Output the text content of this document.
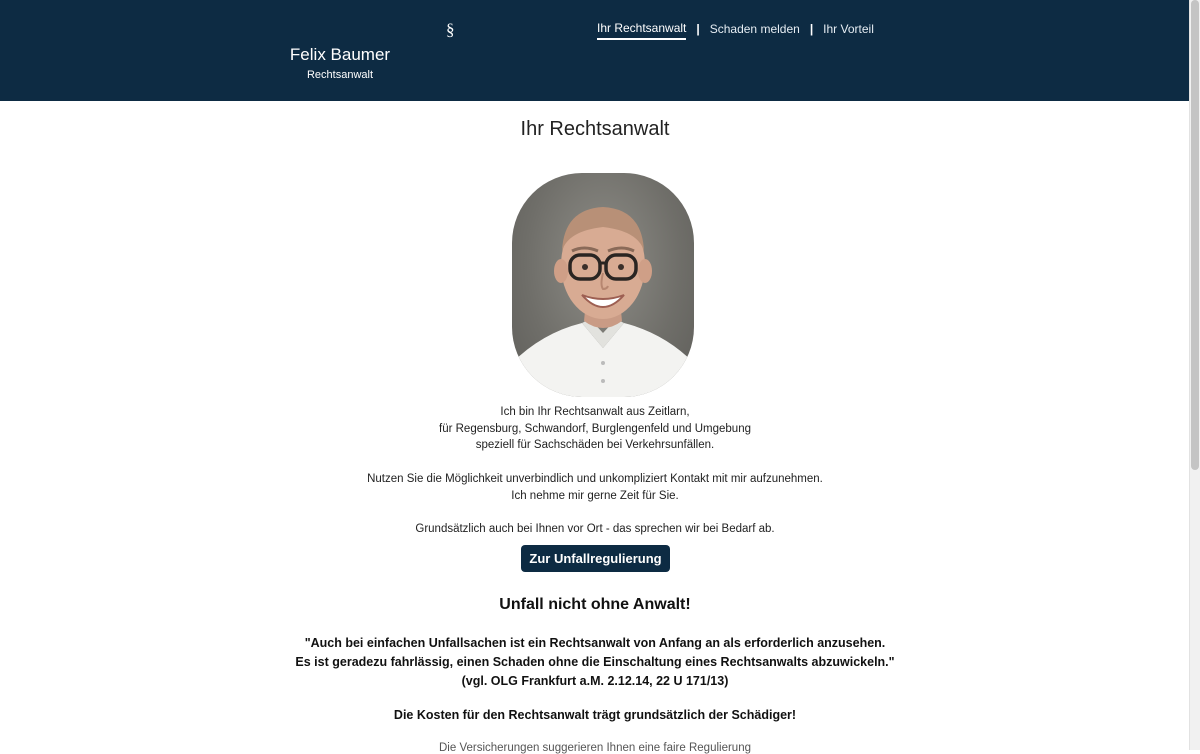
Felix Baumer
Rechtsanwalt
§	Ihr Rechtsanwalt | Schaden melden | Ihr Vorteil
Ihr Rechtsanwalt

Ich bin Ihr Rechtsanwalt aus Zeitlarn,
für Regensburg, Schwandorf, Burglengenfeld und Umgebung
speziell für Sachschäden bei Verkehrsunfällen.

Nutzen Sie die Möglichkeit unverbindlich und unkompliziert Kontakt mit mir aufzunehmen.
Ich nehme mir gerne Zeit für Sie.

Grundsätzlich auch bei Ihnen vor Ort - das sprechen wir bei Bedarf ab.

Zur Unfallregulierung
Unfall nicht ohne Anwalt!
"Auch bei einfachen Unfallsachen ist ein Rechtsanwalt von Anfang an als erforderlich anzusehen.
Es ist geradezu fahrlässig, einen Schaden ohne die Einschaltung eines Rechtsanwalts abzuwickeln."
(vgl. OLG Frankfurt a.M. 2.12.14, 22 U 171/13)
Die Kosten für den Rechtsanwalt trägt grundsätzlich der Schädiger!
Die Versicherungen suggerieren Ihnen eine faire Regulierung
